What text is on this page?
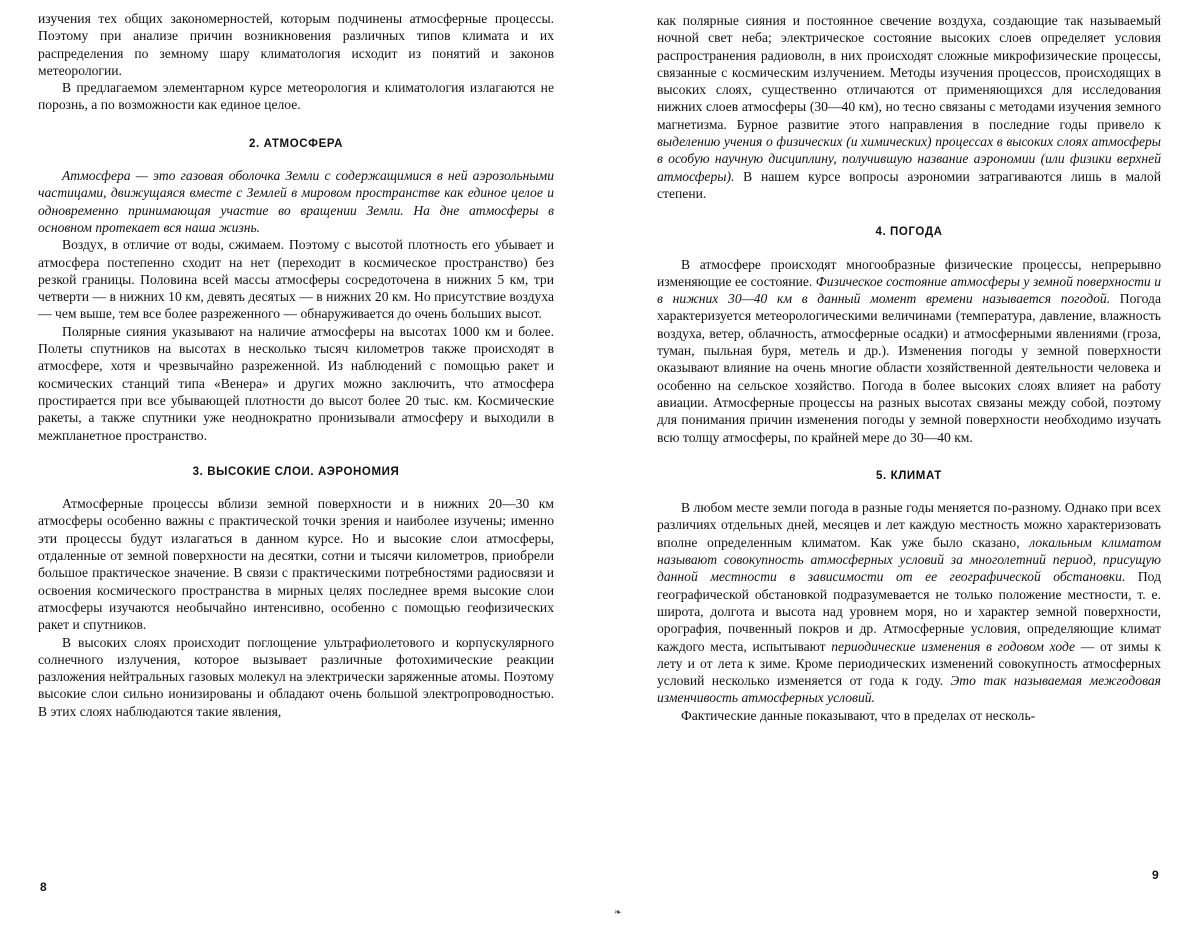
изучения тех общих закономерностей, которым подчинены атмосферные процессы. Поэтому при анализе причин возникновения различных типов климата и их распределения по земному шару климатология исходит из понятий и законов метеорологии.

В предлагаемом элементарном курсе метеорология и климатология излагаются не порознь, а по возможности как единое целое.

2. АТМОСФЕРА

Атмосфера — это газовая оболочка Земли с содержащимися в ней аэрозольными частицами, движущаяся вместе с Землей в мировом пространстве как единое целое и одновременно принимающая участие во вращении Земли. На дне атмосферы в основном протекает вся наша жизнь.

Воздух, в отличие от воды, сжимаем. Поэтому с высотой плотность его убывает и атмосфера постепенно сходит на нет (переходит в космическое пространство) без резкой границы. Половина всей массы атмосферы сосредоточена в нижних 5 км, три четверти — в нижних 10 км, девять десятых — в нижних 20 км. Но присутствие воздуха — чем выше, тем все более разреженного — обнаруживается до очень больших высот.

Полярные сияния указывают на наличие атмосферы на высотах 1000 км и более. Полеты спутников на высотах в несколько тысяч километров также происходят в атмосфере, хотя и чрезвычайно разреженной. Из наблюдений с помощью ракет и космических станций типа «Венера» и других можно заключить, что атмосфера простирается при все убывающей плотности до высот более 20 тыс. км. Космические ракеты, а также спутники уже неоднократно пронизывали атмосферу и выходили в межпланетное пространство.

3. ВЫСОКИЕ СЛОИ. АЭРОНОМИЯ

Атмосферные процессы вблизи земной поверхности и в нижних 20—30 км атмосферы особенно важны с практической точки зрения и наиболее изучены; именно эти процессы будут излагаться в данном курсе. Но и высокие слои атмосферы, отдаленные от земной поверхности на десятки, сотни и тысячи километров, приобрели большое практическое значение. В связи с практическими потребностями радиосвязи и освоения космического пространства в мирных целях последнее время высокие слои атмосферы изучаются необычайно интенсивно, особенно с помощью геофизических ракет и спутников.

В высоких слоях происходит поглощение ультрафиолетового и корпускулярного солнечного излучения, которое вызывает различные фотохимические реакции разложения нейтральных газовых молекул на электрически заряженные атомы. Поэтому высокие слои сильно ионизированы и обладают очень большой электропроводностью. В этих слоях наблюдаются такие явления,

8

как полярные сияния и постоянное свечение воздуха, создающие так называемый ночной свет неба; электрическое состояние высоких слоев определяет условия распространения радиоволн, в них происходят сложные микрофизические процессы, связанные с космическим излучением. Методы изучения процессов, происходящих в высоких слоях, существенно отличаются от применяющихся для исследования нижних слоев атмосферы (30—40 км), но тесно связаны с методами изучения земного магнетизма. Бурное развитие этого направления в последние годы привело к выделению учения о физических (и химических) процессах в высоких слоях атмосферы в особую научную дисциплину, получившую название аэрономии (или физики верхней атмосферы). В нашем курсе вопросы аэрономии затрагиваются лишь в малой степени.

4. ПОГОДА

В атмосфере происходят многообразные физические процессы, непрерывно изменяющие ее состояние. Физическое состояние атмосферы у земной поверхности и в нижних 30—40 км в данный момент времени называется погодой. Погода характеризуется метеорологическими величинами (температура, давление, влажность воздуха, ветер, облачность, атмосферные осадки) и атмосферными явлениями (гроза, туман, пыльная буря, метель и др.). Изменения погоды у земной поверхности оказывают влияние на очень многие области хозяйственной деятельности человека и особенно на сельское хозяйство. Погода в более высоких слоях влияет на работу авиации. Атмосферные процессы на разных высотах связаны между собой, поэтому для понимания причин изменения погоды у земной поверхности необходимо изучать всю толщу атмосферы, по крайней мере до 30—40 км.

5. КЛИМАТ

В любом месте земли погода в разные годы меняется по-разному. Однако при всех различиях отдельных дней, месяцев и лет каждую местность можно характеризовать вполне определенным климатом. Как уже было сказано, локальным климатом называют совокупность атмосферных условий за многолетний период, присущую данной местности в зависимости от ее географической обстановки. Под географической обстановкой подразумевается не только положение местности, т. е. широта, долгота и высота над уровнем моря, но и характер земной поверхности, орография, почвенный покров и др. Атмосферные условия, определяющие климат каждого места, испытывают периодические изменения в годовом ходе — от зимы к лету и от лета к зиме. Кроме периодических изменений совокупность атмосферных условий несколько изменяется от года к году. Это так называемая межгодовая изменчивость атмосферных условий.

Фактические данные показывают, что в пределах от несколь-

9
❧
